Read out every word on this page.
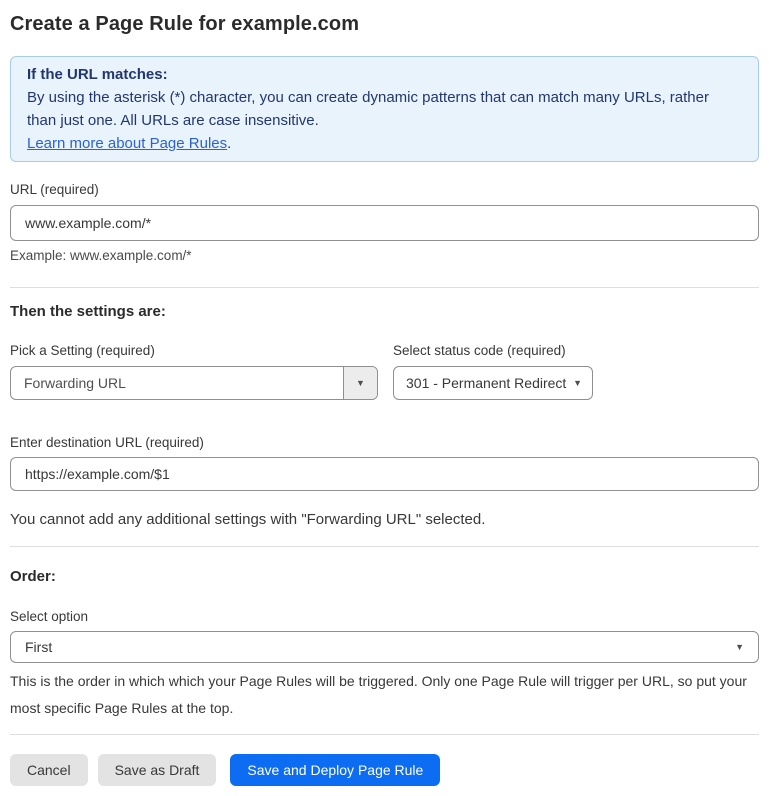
Create a Page Rule for example.com
If the URL matches:
By using the asterisk (*) character, you can create dynamic patterns that can match many URLs, rather than just one. All URLs are case insensitive.
Learn more about Page Rules.
URL (required)
www.example.com/*
Example: www.example.com/*
Then the settings are:
Pick a Setting (required)
Forwarding URL	▼
Select status code (required)
301 - Permanent Redirect ▼
Enter destination URL (required)
https://example.com/$1

You cannot add any additional settings with "Forwarding URL" selected.

Order:
Select option
First	▼

This is the order in which which your Page Rules will be triggered. Only one Page Rule will trigger per URL, so put your most specific Page Rules at the top.

Cancel	Save as Draft	Save and Deploy Page Rule
